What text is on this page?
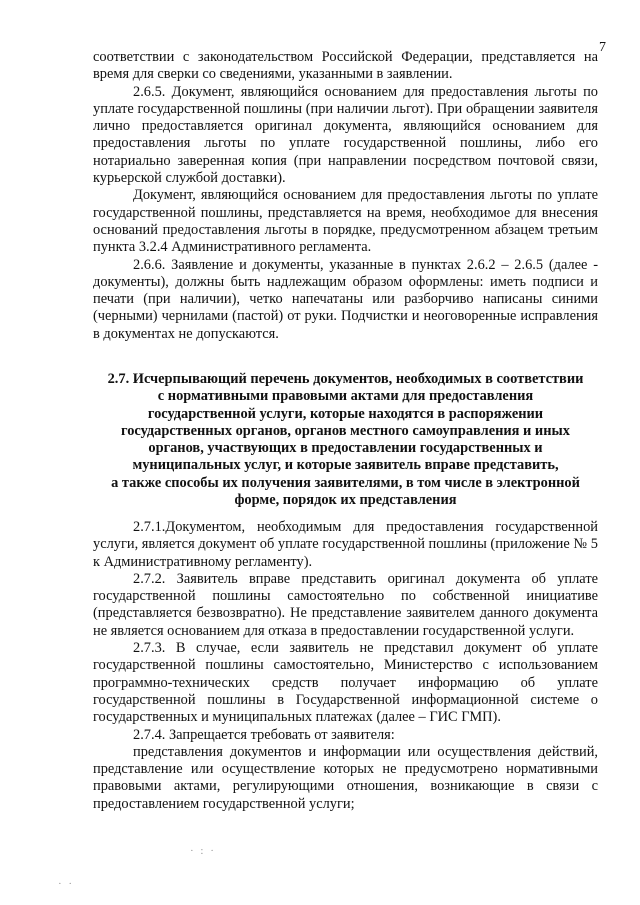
7

соответствии с законодательством Российской Федерации, представляется на время для сверки со сведениями, указанными в заявлении.

2.6.5. Документ, являющийся основанием для предоставления льготы по уплате государственной пошлины (при наличии льгот). При обращении заявителя лично предоставляется оригинал документа, являющийся основанием для предоставления льготы по уплате государственной пошлины, либо его нотариально заверенная копия (при направлении посредством почтовой связи, курьерской службой доставки).

Документ, являющийся основанием для предоставления льготы по уплате государственной пошлины, представляется на время, необходимое для внесения оснований предоставления льготы в порядке, предусмотренном абзацем третьим пункта 3.2.4 Административного регламента.

2.6.6. Заявление и документы, указанные в пунктах 2.6.2 – 2.6.5 (далее - документы), должны быть надлежащим образом оформлены: иметь подписи и печати (при наличии), четко напечатаны или разборчиво написаны синими (черными) чернилами (пастой) от руки. Подчистки и неоговоренные исправления в документах не допускаются.

2.7. Исчерпывающий перечень документов, необходимых в соответствии
с нормативными правовыми актами для предоставления
государственной услуги, которые находятся в распоряжении
государственных органов, органов местного самоуправления и иных
органов, участвующих в предоставлении государственных и
муниципальных услуг, и которые заявитель вправе представить,
а также способы их получения заявителями, в том числе в электронной
форме, порядок их представления

2.7.1.Документом, необходимым для предоставления государственной услуги, является документ об уплате государственной пошлины (приложение № 5 к Административному регламенту).

2.7.2. Заявитель вправе представить оригинал документа об уплате государственной пошлины самостоятельно по собственной инициативе (представляется безвозвратно). Не представление заявителем данного документа не является основанием для отказа в предоставлении государственной услуги.

2.7.3. В случае, если заявитель не представил документ об уплате государственной пошлины самостоятельно, Министерство с использованием программно-технических средств получает информацию об уплате государственной пошлины в Государственной информационной системе о государственных и муниципальных платежах (далее – ГИС ГМП).

2.7.4. Запрещается требовать от заявителя:

представления документов и информации или осуществления действий, представление или осуществление которых не предусмотрено нормативными правовыми актами, регулирующими отношения, возникающие в связи с предоставлением государственной услуги;

· : ·
· ·
